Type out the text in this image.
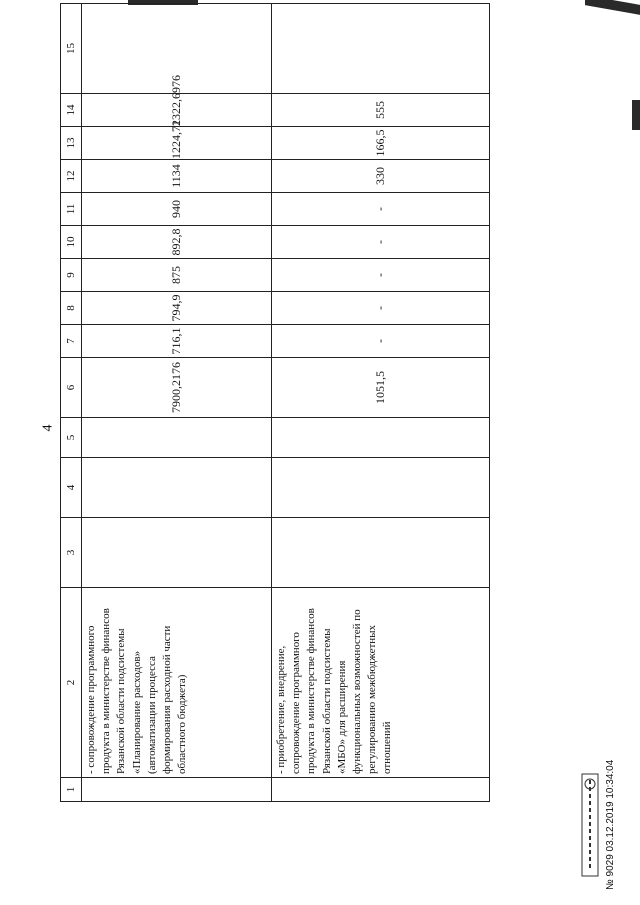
4
1	2	3	4	5	6	7	8	9	10	11	12	13	14	15
	- сопровождение программного продукта в министерстве финансов Рязанской области подсистемы «Планирование расходов» (автоматизации процесса формирования расходной части областного бюджета)				7900,2176	716,1	794,9	875	892,8	940	1134	1224,72	1322,6976	
	- приобретение, внедрение, сопровождение программного продукта в министерстве финансов Рязанской области подсистемы «МБО» для расширения функциональных возможностей по регулированию межбюджетных отношений				1051,5	-	-	-	-	-	330	166,5	555	
№ 9029 03.12.2019 10:34:04
